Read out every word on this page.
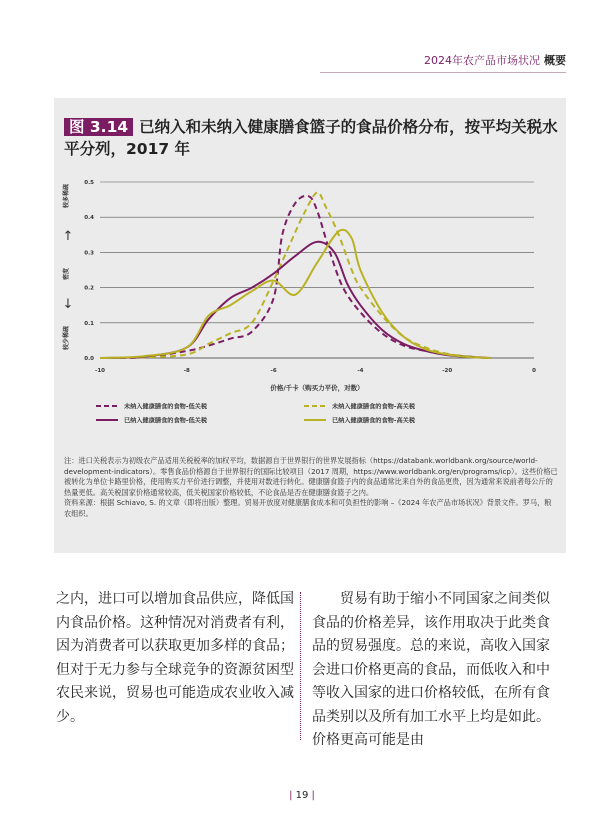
2024年农产品市场状况 概要
图 3.14 已纳入和未纳入健康膳食篮子的食品价格分布，按平均关税水平分列，2017 年
0.0
0.1
0.2
0.3
0.4
0.5
-10	-8	-6	-4	-20	0
价格/千卡（购买力平价，对数）
较多稀疏
密度
较少稀疏
↑
↓
未纳入健康膳食的食物-低关税	未纳入健康膳食的食物-高关税
已纳入健康膳食的食物-低关税	已纳入健康膳食的食物-高关税
注：进口关税表示为初级农产品适用关税税率的加权平均，数据源自于世界银行的世界发展指标（https://databank.worldbank.org/source/world-development-indicators）。零售食品价格源自于世界银行的国际比较项目（2017 周期，https://www.worldbank.org/en/programs/icp）。这些价格已被转化为单位卡路里价格，使用购买力平价进行调整，并使用对数进行转化。健康膳食篮子内的食品通常比来自外的食品更贵，因为通常来说前者每公斤的热量更低。高关税国家价格通常较高，低关税国家价格较低，不论食品是否在健康膳食篮子之内。
资料来源：根据 Schiavo, S. 的文章（即将出版）整理。贸易开放度对健康膳食成本和可负担性的影响 –《2024 年农产品市场状况》背景文件。罗马，粮农组织。
之内，进口可以增加食品供应，降低国内食品价格。这种情况对消费者有利，因为消费者可以获取更加多样的食品；但对于无力参与全球竞争的资源贫困型农民来说，贸易也可能造成农业收入减少。
贸易有助于缩小不同国家之间类似食品的价格差异，该作用取决于此类食品的贸易强度。总的来说，高收入国家会进口价格更高的食品，而低收入和中等收入国家的进口价格较低，在所有食品类别以及所有加工水平上均是如此。价格更高可能是由
| 19 |
